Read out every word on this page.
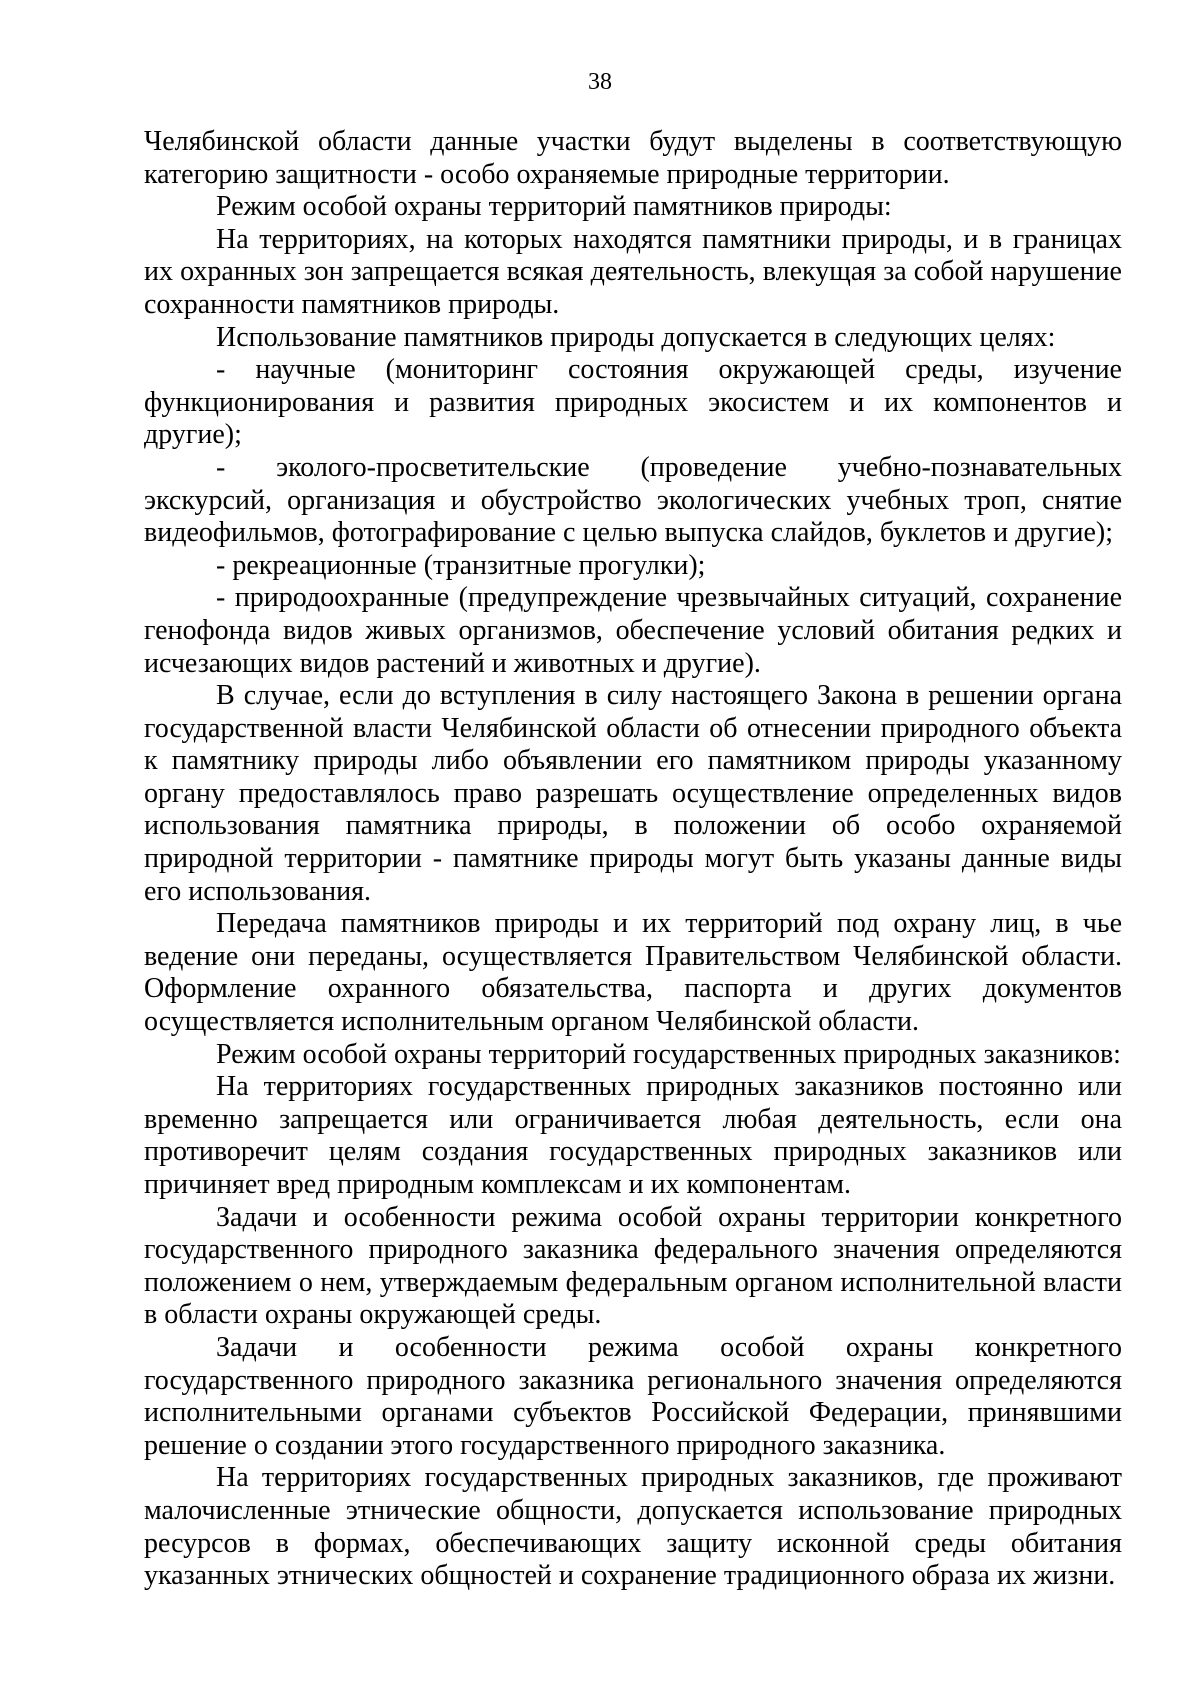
38

Челябинской области данные участки будут выделены в соответствующую категорию защитности - особо охраняемые природные территории.

Режим особой охраны территорий памятников природы:

На территориях, на которых находятся памятники природы, и в границах их охранных зон запрещается всякая деятельность, влекущая за собой нарушение сохранности памятников природы.

Использование памятников природы допускается в следующих целях:

- научные (мониторинг состояния окружающей среды, изучение функционирования и развития природных экосистем и их компонентов и другие);

- эколого-просветительские (проведение учебно-познавательных экскурсий, организация и обустройство экологических учебных троп, снятие видеофильмов, фотографирование с целью выпуска слайдов, буклетов и другие);

- рекреационные (транзитные прогулки);

- природоохранные (предупреждение чрезвычайных ситуаций, сохранение генофонда видов живых организмов, обеспечение условий обитания редких и исчезающих видов растений и животных и другие).

В случае, если до вступления в силу настоящего Закона в решении органа государственной власти Челябинской области об отнесении природного объекта к памятнику природы либо объявлении его памятником природы указанному органу предоставлялось право разрешать осуществление определенных видов использования памятника природы, в положении об особо охраняемой природной территории - памятнике природы могут быть указаны данные виды его использования.

Передача памятников природы и их территорий под охрану лиц, в чье ведение они переданы, осуществляется Правительством Челябинской области. Оформление охранного обязательства, паспорта и других документов осуществляется исполнительным органом Челябинской области.

Режим особой охраны территорий государственных природных заказников:

На территориях государственных природных заказников постоянно или временно запрещается или ограничивается любая деятельность, если она противоречит целям создания государственных природных заказников или причиняет вред природным комплексам и их компонентам.

Задачи и особенности режима особой охраны территории конкретного государственного природного заказника федерального значения определяются положением о нем, утверждаемым федеральным органом исполнительной власти в области охраны окружающей среды.

Задачи и особенности режима особой охраны конкретного государственного природного заказника регионального значения определяются исполнительными органами субъектов Российской Федерации, принявшими решение о создании этого государственного природного заказника.

На территориях государственных природных заказников, где проживают малочисленные этнические общности, допускается использование природных ресурсов в формах, обеспечивающих защиту исконной среды обитания указанных этнических общностей и сохранение традиционного образа их жизни.
